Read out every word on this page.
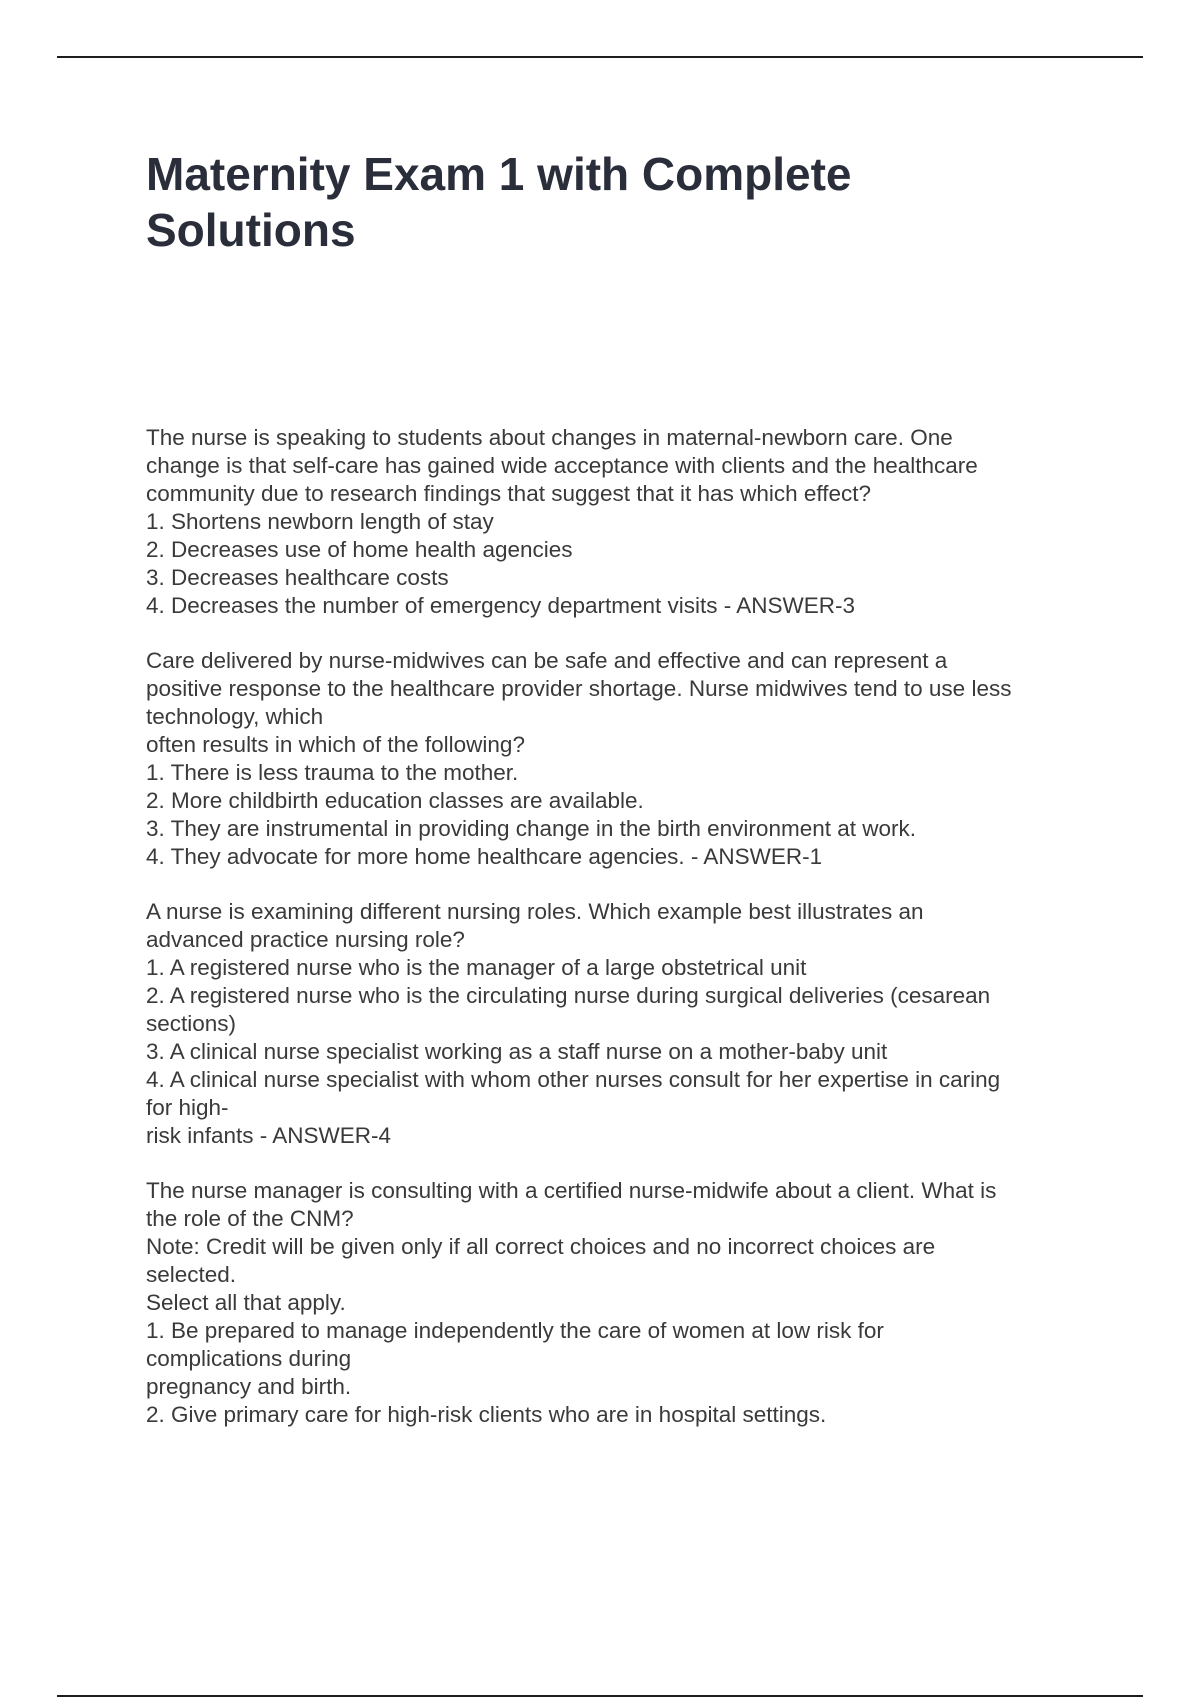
Maternity Exam 1 with Complete
Solutions
The nurse is speaking to students about changes in maternal-newborn care. One
change is that self-care has gained wide acceptance with clients and the healthcare
community due to research findings that suggest that it has which effect?
1. Shortens newborn length of stay
2. Decreases use of home health agencies
3. Decreases healthcare costs
4. Decreases the number of emergency department visits - ANSWER-3
Care delivered by nurse-midwives can be safe and effective and can represent a
positive response to the healthcare provider shortage. Nurse midwives tend to use less
technology, which
often results in which of the following?
1. There is less trauma to the mother.
2. More childbirth education classes are available.
3. They are instrumental in providing change in the birth environment at work.
4. They advocate for more home healthcare agencies. - ANSWER-1
A nurse is examining different nursing roles. Which example best illustrates an
advanced practice nursing role?
1. A registered nurse who is the manager of a large obstetrical unit
2. A registered nurse who is the circulating nurse during surgical deliveries (cesarean
sections)
3. A clinical nurse specialist working as a staff nurse on a mother-baby unit
4. A clinical nurse specialist with whom other nurses consult for her expertise in caring
for high-
risk infants - ANSWER-4
The nurse manager is consulting with a certified nurse-midwife about a client. What is
the role of the CNM?
Note: Credit will be given only if all correct choices and no incorrect choices are
selected.
Select all that apply.
1. Be prepared to manage independently the care of women at low risk for
complications during
pregnancy and birth.
2. Give primary care for high-risk clients who are in hospital settings.
